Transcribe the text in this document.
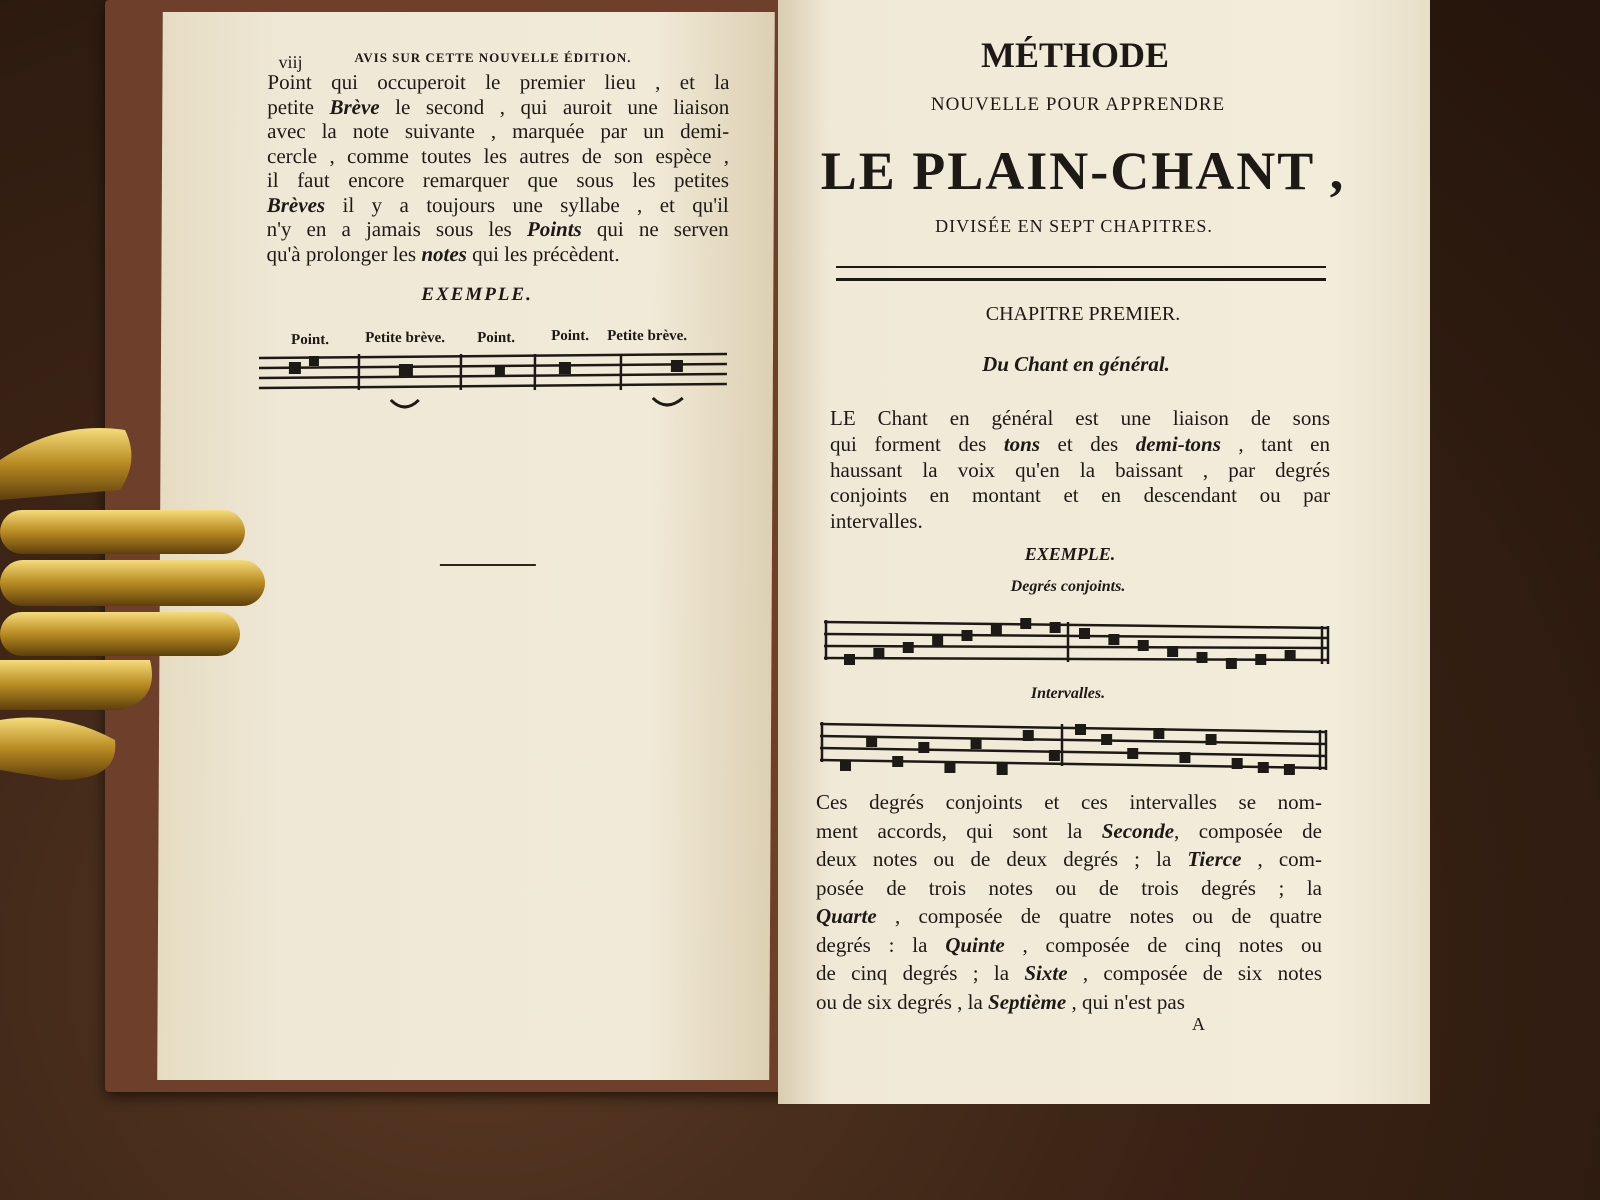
viij	AVIS SUR CETTE NOUVELLE ÉDITION.
Point qui occuperoit le premier lieu , et la
petite Brève le second , qui auroit une liaison
avec la note suivante , marquée par un demi-
cercle , comme toutes les autres de son espèce ,
il faut encore remarquer que sous les petites
Brèves il y a toujours une syllabe , et qu'il
n'y en a jamais sous les Points qui ne serven
qu'à prolonger les notes qui les précèdent.
EXEMPLE.
Point. Petite brève. Point. Point. Petite brève.
MÉTHODE
NOUVELLE POUR APPRENDRE
LE PLAIN-CHANT ,
DIVISÉE EN SEPT CHAPITRES.
CHAPITRE PREMIER.
Du Chant en général.
LE Chant en général est une liaison de sons
qui forment des tons et des demi-tons , tant en
haussant la voix qu'en la baissant , par degrés
conjoints en montant et en descendant ou par
intervalles.
EXEMPLE.
Degrés conjoints.
Intervalles.
Ces degrés conjoints et ces intervalles se nom-
ment accords, qui sont la Seconde, composée de
deux notes ou de deux degrés ; la Tierce , com-
posée de trois notes ou de trois degrés ; la
Quarte , composée de quatre notes ou de quatre
degrés : la Quinte , composée de cinq notes ou
de cinq degrés ; la Sixte , composée de six notes
ou de six degrés , la Septième , qui n'est pas
A
